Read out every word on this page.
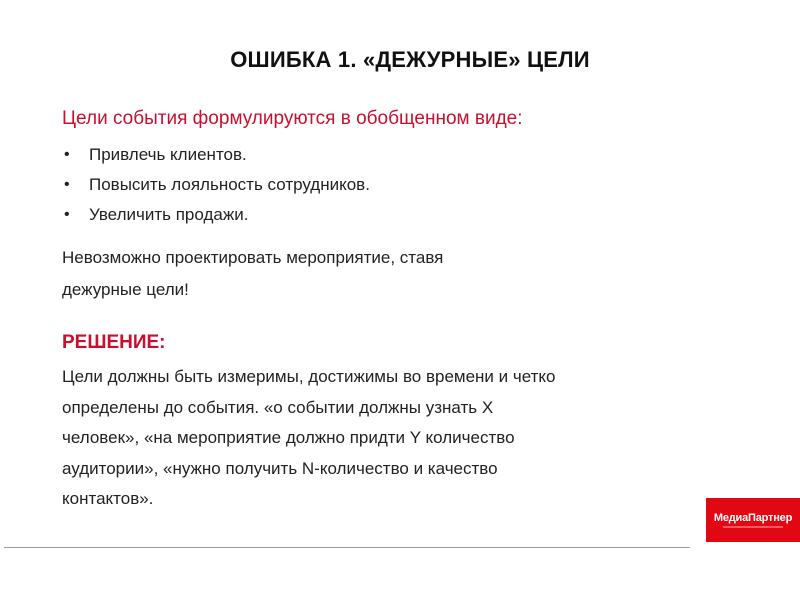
ОШИБКА 1. «ДЕЖУРНЫЕ» ЦЕЛИ
Цели события формулируются в обобщенном виде:
• Привлечь клиентов.
• Повысить лояльность сотрудников.
• Увеличить продажи.
Невозможно проектировать мероприятие, ставя
дежурные цели!
РЕШЕНИЕ:
Цели должны быть измеримы, достижимы во времени и четко
определены до события. «о событии должны узнать Х
человек», «на мероприятие должно придти Y количество
аудитории», «нужно получить N-количество и качество
контактов».
МедиаПартнер
